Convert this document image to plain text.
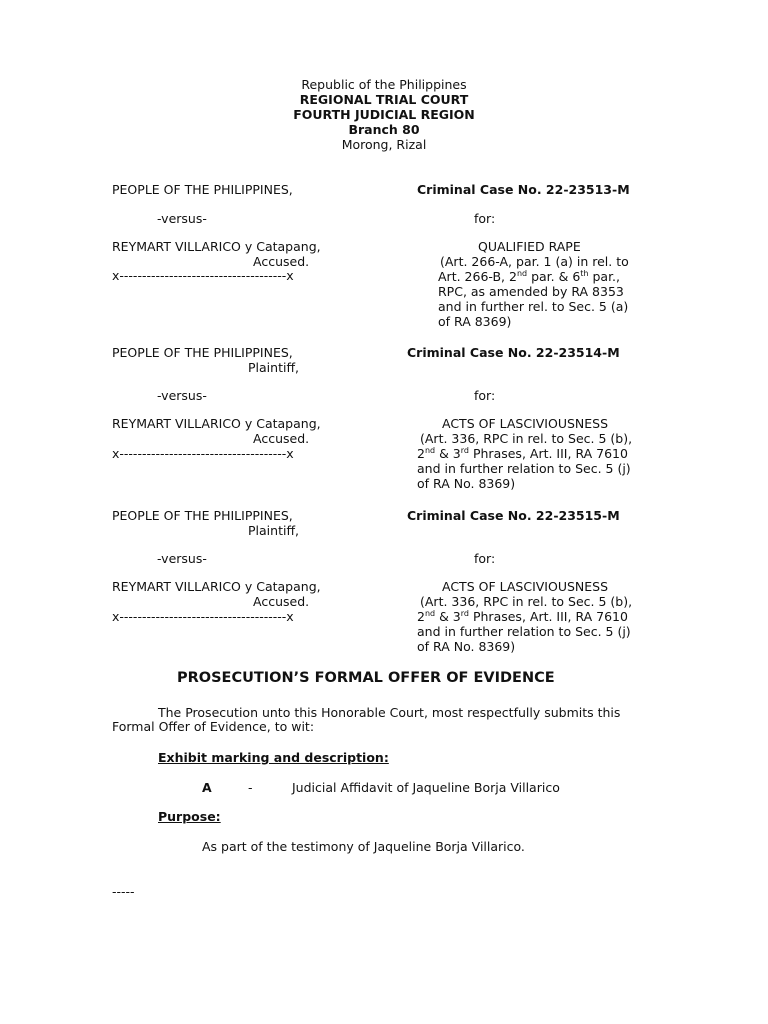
Republic of the Philippines
REGIONAL TRIAL COURT
FOURTH JUDICIAL REGION
Branch 80
Morong, Rizal
PEOPLE OF THE PHILIPPINES,	Criminal Case No. 22-23513-M
-versus-	for:
REYMART VILLARICO y Catapang,
Accused.
x-------------------------------------x
QUALIFIED RAPE
(Art. 266-A, par. 1 (a) in rel. to
Art. 266-B, 2nd par. & 6th par.,
RPC, as amended by RA 8353
and in further rel. to Sec. 5 (a)
of RA 8369)
PEOPLE OF THE PHILIPPINES,
Plaintiff,
Criminal Case No. 22-23514-M
-versus-	for:
REYMART VILLARICO y Catapang,
Accused.
x-------------------------------------x
ACTS OF LASCIVIOUSNESS
(Art. 336, RPC in rel. to Sec. 5 (b),
2nd & 3rd Phrases, Art. III, RA 7610
and in further relation to Sec. 5 (j)
of RA No. 8369)
PEOPLE OF THE PHILIPPINES,
Plaintiff,
Criminal Case No. 22-23515-M
-versus-	for:
REYMART VILLARICO y Catapang,
Accused.
x-------------------------------------x
ACTS OF LASCIVIOUSNESS
(Art. 336, RPC in rel. to Sec. 5 (b),
2nd & 3rd Phrases, Art. III, RA 7610
and in further relation to Sec. 5 (j)
of RA No. 8369)
PROSECUTION’S FORMAL OFFER OF EVIDENCE
The Prosecution unto this Honorable Court, most respectfully submits this
Formal Offer of Evidence, to wit:
Exhibit marking and description:
A	-	Judicial Affidavit of Jaqueline Borja Villarico
Purpose:
As part of the testimony of Jaqueline Borja Villarico.
-----
